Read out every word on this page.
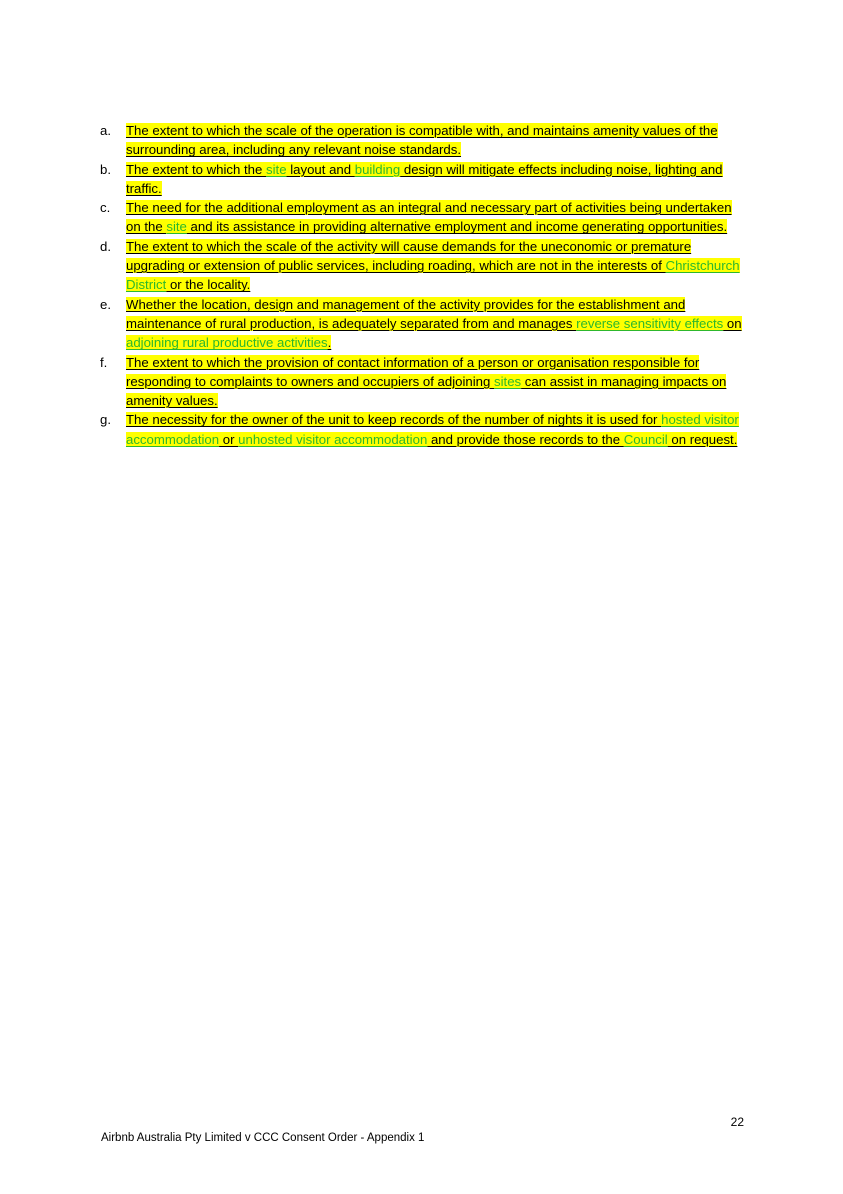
a. The extent to which the scale of the operation is compatible with, and maintains amenity values of the surrounding area, including any relevant noise standards.
b. The extent to which the site layout and building design will mitigate effects including noise, lighting and traffic.
c. The need for the additional employment as an integral and necessary part of activities being undertaken on the site and its assistance in providing alternative employment and income generating opportunities.
d. The extent to which the scale of the activity will cause demands for the uneconomic or premature upgrading or extension of public services, including roading, which are not in the interests of Christchurch District or the locality.
e. Whether the location, design and management of the activity provides for the establishment and maintenance of rural production, is adequately separated from and manages reverse sensitivity effects on adjoining rural productive activities.
f. The extent to which the provision of contact information of a person or organisation responsible for responding to complaints to owners and occupiers of adjoining sites can assist in managing impacts on amenity values.
g. The necessity for the owner of the unit to keep records of the number of nights it is used for hosted visitor accommodation or unhosted visitor accommodation and provide those records to the Council on request.
22
Airbnb Australia Pty Limited v CCC Consent Order - Appendix 1
